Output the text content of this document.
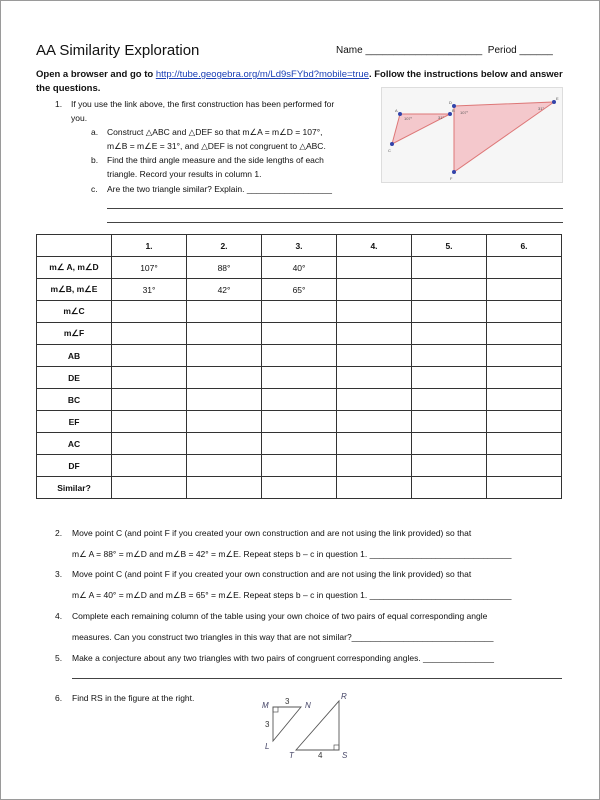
AA Similarity Exploration	Name _____________________  Period ______
Open a browser and go to http://tube.geogebra.org/m/Ld9sFYbd?mobile=true. Follow the instructions below and answer the questions.
1. If you use the link above, the first construction has been performed for you.
a. Construct △ABC and △DEF so that m∠A = m∠D = 107°,
m∠B = m∠E = 31°, and △DEF is not congruent to △ABC.
b. Find the third angle measure and the side lengths of each
triangle. Record your results in column 1.
c. Are the two triangle similar? Explain. __________________
A	B
C
107°	31°
D
E
F
107°
31°
	1.	2.	3.	4.	5.	6.
m∠ A, m∠D	107°	88°	40°			
m∠B, m∠E	31°	42°	65°			
m∠C						
m∠F						
AB						
DE						
BC						
EF						
AC						
DF						
Similar?						
2. Move point C (and point F if you created your own construction and are not using the link provided) so that
m∠ A = 88° = m∠D and m∠B = 42° = m∠E. Repeat steps b – c in question 1. ______________________________
3. Move point C (and point F if you created your own construction and are not using the link provided) so that
m∠ A = 40° = m∠D and m∠B = 65° = m∠E. Repeat steps b – c in question 1. ______________________________
4. Complete each remaining column of the table using your own choice of two pairs of equal corresponding angle
measures. Can you construct two triangles in this way that are not similar?______________________________
5. Make a conjecture about any two triangles with two pairs of congruent corresponding angles. _______________
6. Find RS in the figure at the right.
M	N
R
L
T	S
3
3
4
